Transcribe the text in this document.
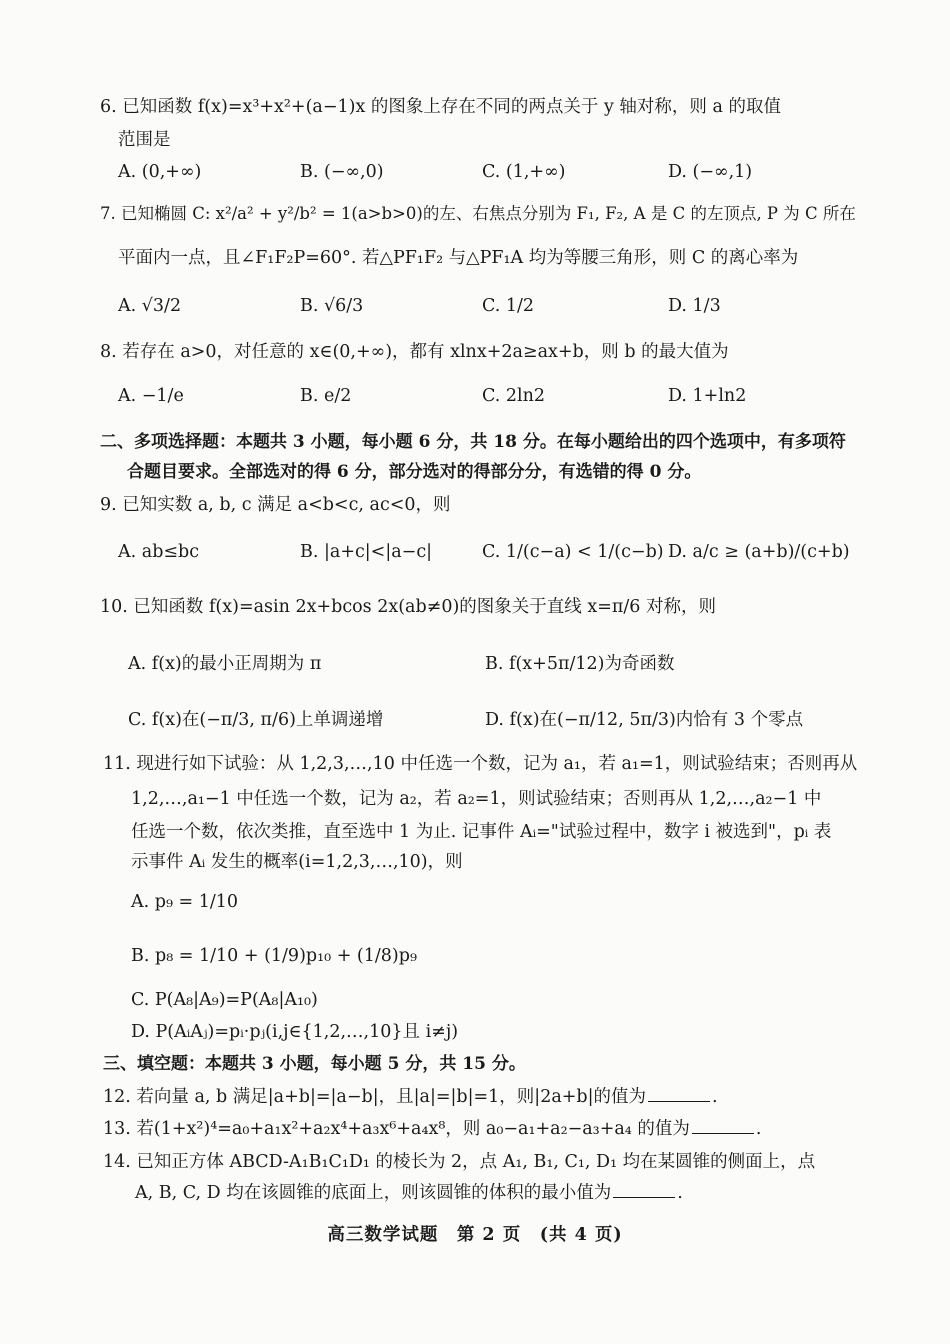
6. 已知函数 f(x)=x³+x²+(a−1)x 的图象上存在不同的两点关于 y 轴对称，则 a 的取值
范围是
A. (0,+∞)	B. (−∞,0)	C. (1,+∞)	D. (−∞,1)
7. 已知椭圆 C: x²/a² + y²/b² = 1(a>b>0)的左、右焦点分别为 F₁, F₂, A 是 C 的左顶点, P 为 C 所在
平面内一点，且∠F₁F₂P=60°. 若△PF₁F₂ 与△PF₁A 均为等腰三角形，则 C 的离心率为
A. √3/2	B. √6/3	C. 1/2	D. 1/3
8. 若存在 a>0，对任意的 x∈(0,+∞)，都有 xlnx+2a≥ax+b，则 b 的最大值为
A. −1/e	B. e/2	C. 2ln2	D. 1+ln2
二、多项选择题：本题共 3 小题，每小题 6 分，共 18 分。在每小题给出的四个选项中，有多项符
合题目要求。全部选对的得 6 分，部分选对的得部分分，有选错的得 0 分。
9. 已知实数 a, b, c 满足 a<b<c, ac<0，则
A. ab≤bc	B. |a+c|<|a−c|	C. 1/(c−a) < 1/(c−b) D. a/c ≥ (a+b)/(c+b)
10. 已知函数 f(x)=asin 2x+bcos 2x(ab≠0)的图象关于直线 x=π/6 对称，则
A. f(x)的最小正周期为 π	B. f(x+5π/12)为奇函数
C. f(x)在(−π/3, π/6)上单调递增	D. f(x)在(−π/12, 5π/3)内恰有 3 个零点
11. 现进行如下试验：从 1,2,3,…,10 中任选一个数，记为 a₁，若 a₁=1，则试验结束；否则再从
1,2,…,a₁−1 中任选一个数，记为 a₂，若 a₂=1，则试验结束；否则再从 1,2,…,a₂−1 中
任选一个数，依次类推，直至选中 1 为止. 记事件 Aᵢ="试验过程中，数字 i 被选到"，pᵢ 表
示事件 Aᵢ 发生的概率(i=1,2,3,…,10)，则
A. p₉ = 1/10
B. p₈ = 1/10 + (1/9)p₁₀ + (1/8)p₉
C. P(A₈|A₉)=P(A₈|A₁₀)
D. P(AᵢAⱼ)=pᵢ·pⱼ(i,j∈{1,2,…,10}且 i≠j)
三、填空题：本题共 3 小题，每小题 5 分，共 15 分。
12. 若向量 a, b 满足|a+b|=|a−b|，且|a|=|b|=1，则|2a+b|的值为	.
13. 若(1+x²)⁴=a₀+a₁x²+a₂x⁴+a₃x⁶+a₄x⁸，则 a₀−a₁+a₂−a₃+a₄ 的值为	.
14. 已知正方体 ABCD-A₁B₁C₁D₁ 的棱长为 2，点 A₁, B₁, C₁, D₁ 均在某圆锥的侧面上，点
A, B, C, D 均在该圆锥的底面上，则该圆锥的体积的最小值为	.
高三数学试题　第 2 页　(共 4 页)
